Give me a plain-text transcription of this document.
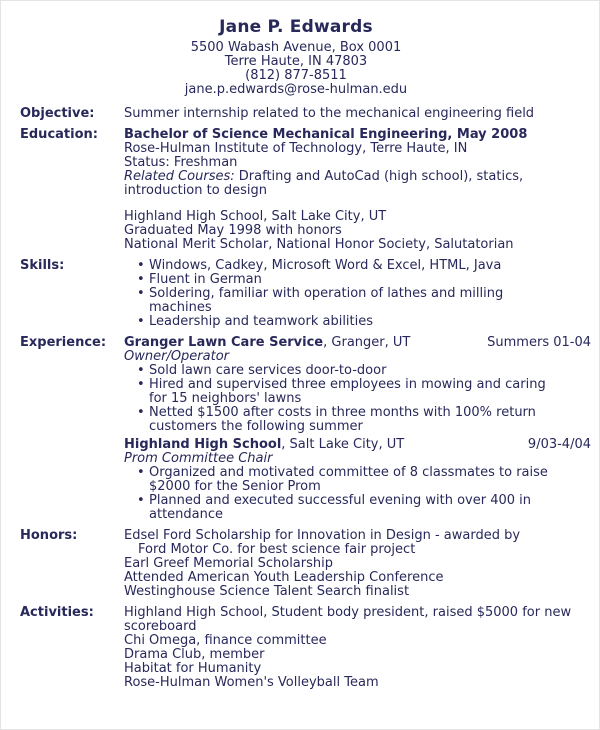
Jane P. Edwards
5500 Wabash Avenue, Box 0001
Terre Haute, IN 47803
(812) 877-8511
jane.p.edwards@rose-hulman.edu
Objective:	Summer internship related to the mechanical engineering field
Education:	Bachelor of Science Mechanical Engineering, May 2008
Rose-Hulman Institute of Technology, Terre Haute, IN
Status: Freshman
Related Courses: Drafting and AutoCad (high school), statics,
introduction to design
Highland High School, Salt Lake City, UT
Graduated May 1998 with honors
National Merit Scholar, National Honor Society, Salutatorian
Skills:	• Windows, Cadkey, Microsoft Word & Excel, HTML, Java
• Fluent in German
• Soldering, familiar with operation of lathes and milling
machines
• Leadership and teamwork abilities
Experience:	Granger Lawn Care Service, Granger, UT	Summers 01-04
Owner/Operator
• Sold lawn care services door-to-door
• Hired and supervised three employees in mowing and caring
for 15 neighbors' lawns
• Netted $1500 after costs in three months with 100% return
customers the following summer
Highland High School, Salt Lake City, UT	9/03-4/04
Prom Committee Chair
• Organized and motivated committee of 8 classmates to raise
$2000 for the Senior Prom
• Planned and executed successful evening with over 400 in
attendance
Honors:	Edsel Ford Scholarship for Innovation in Design - awarded by
Ford Motor Co. for best science fair project
Earl Greef Memorial Scholarship
Attended American Youth Leadership Conference
Westinghouse Science Talent Search finalist
Activities:	Highland High School, Student body president, raised $5000 for new
scoreboard
Chi Omega, finance committee
Drama Club, member
Habitat for Humanity
Rose-Hulman Women's Volleyball Team
